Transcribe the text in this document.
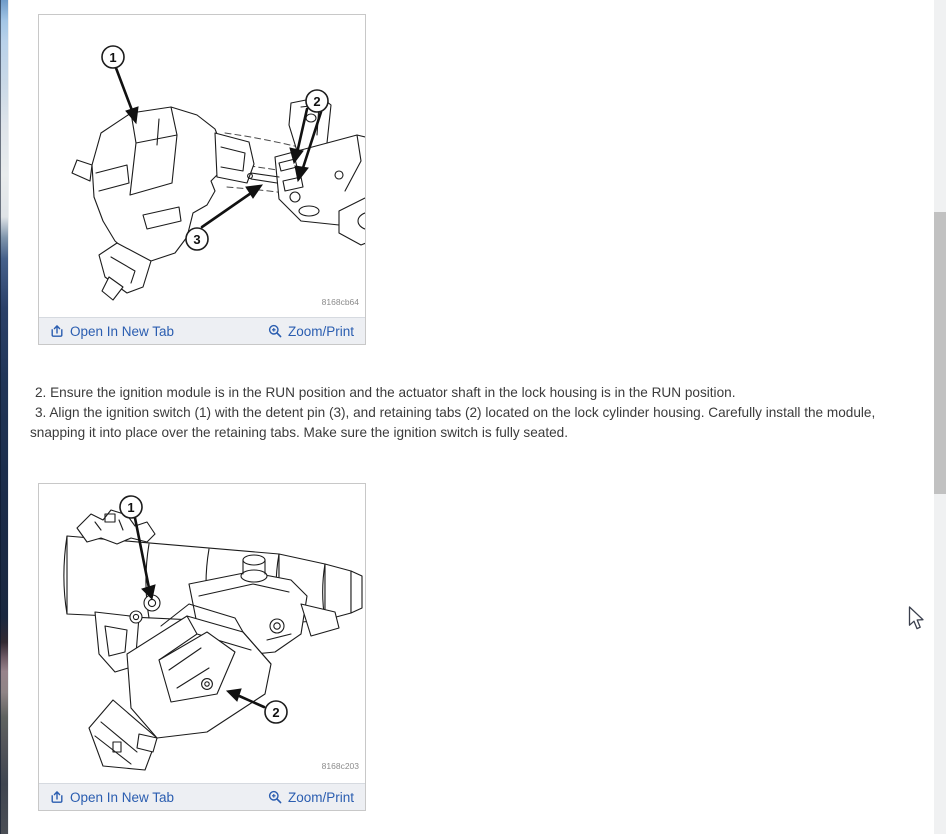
1
2
3
8168cb64
Open In New Tab	Zoom/Print

2. Ensure the ignition module is in the RUN position and the actuator shaft in the lock housing is in the RUN position.

3. Align the ignition switch (1) with the detent pin (3), and retaining tabs (2) located on the lock cylinder housing. Carefully install the module, snapping it into place over the retaining tabs. Make sure the ignition switch is fully seated.

1
2
8168c203
Open In New Tab	Zoom/Print
